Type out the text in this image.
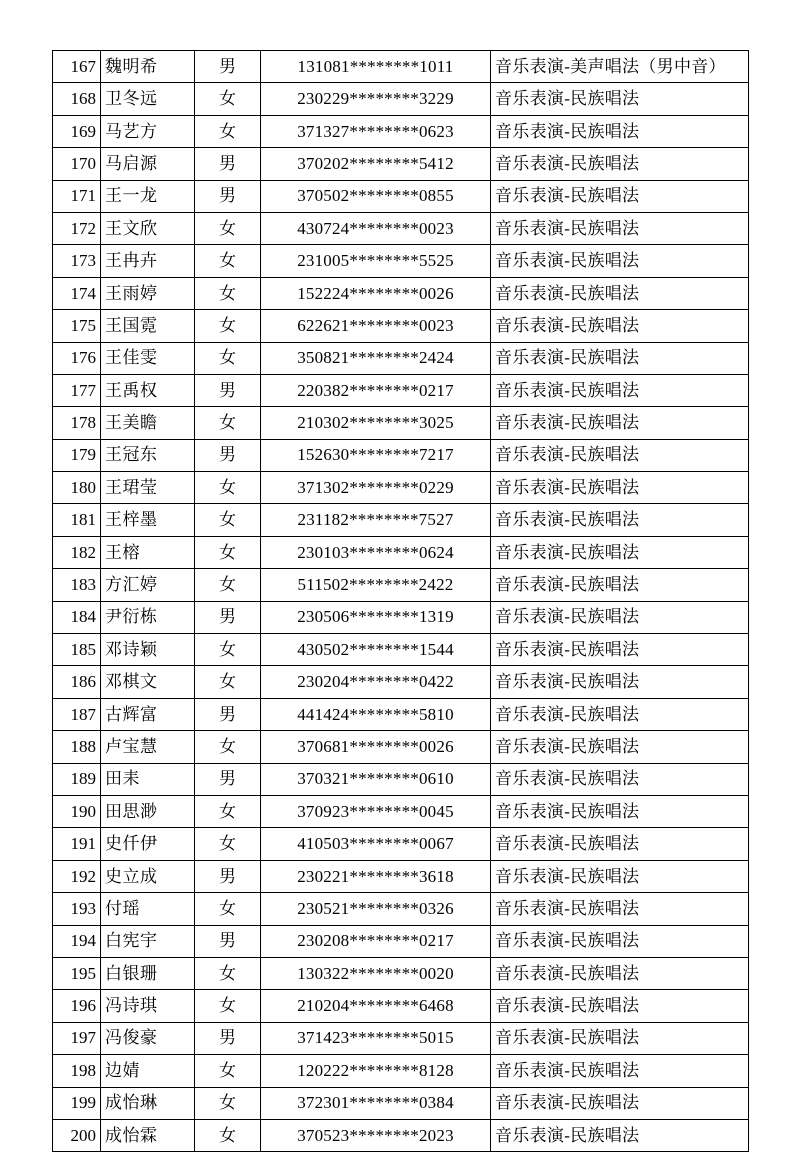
167	魏明希	男	131081********1011	音乐表演-美声唱法（男中音）
168	卫冬远	女	230229********3229	音乐表演-民族唱法
169	马艺方	女	371327********0623	音乐表演-民族唱法
170	马启源	男	370202********5412	音乐表演-民族唱法
171	王一龙	男	370502********0855	音乐表演-民族唱法
172	王文欣	女	430724********0023	音乐表演-民族唱法
173	王冉卉	女	231005********5525	音乐表演-民族唱法
174	王雨婷	女	152224********0026	音乐表演-民族唱法
175	王国霓	女	622621********0023	音乐表演-民族唱法
176	王佳雯	女	350821********2424	音乐表演-民族唱法
177	王禹权	男	220382********0217	音乐表演-民族唱法
178	王美瞻	女	210302********3025	音乐表演-民族唱法
179	王冠东	男	152630********7217	音乐表演-民族唱法
180	王珺莹	女	371302********0229	音乐表演-民族唱法
181	王梓墨	女	231182********7527	音乐表演-民族唱法
182	王榕	女	230103********0624	音乐表演-民族唱法
183	方汇婷	女	511502********2422	音乐表演-民族唱法
184	尹衍栋	男	230506********1319	音乐表演-民族唱法
185	邓诗颖	女	430502********1544	音乐表演-民族唱法
186	邓棋文	女	230204********0422	音乐表演-民族唱法
187	古辉富	男	441424********5810	音乐表演-民族唱法
188	卢宝慧	女	370681********0026	音乐表演-民族唱法
189	田耒	男	370321********0610	音乐表演-民族唱法
190	田思渺	女	370923********0045	音乐表演-民族唱法
191	史仟伊	女	410503********0067	音乐表演-民族唱法
192	史立成	男	230221********3618	音乐表演-民族唱法
193	付瑶	女	230521********0326	音乐表演-民族唱法
194	白宪宇	男	230208********0217	音乐表演-民族唱法
195	白银珊	女	130322********0020	音乐表演-民族唱法
196	冯诗琪	女	210204********6468	音乐表演-民族唱法
197	冯俊豪	男	371423********5015	音乐表演-民族唱法
198	边婧	女	120222********8128	音乐表演-民族唱法
199	成怡琳	女	372301********0384	音乐表演-民族唱法
200	成怡霖	女	370523********2023	音乐表演-民族唱法
